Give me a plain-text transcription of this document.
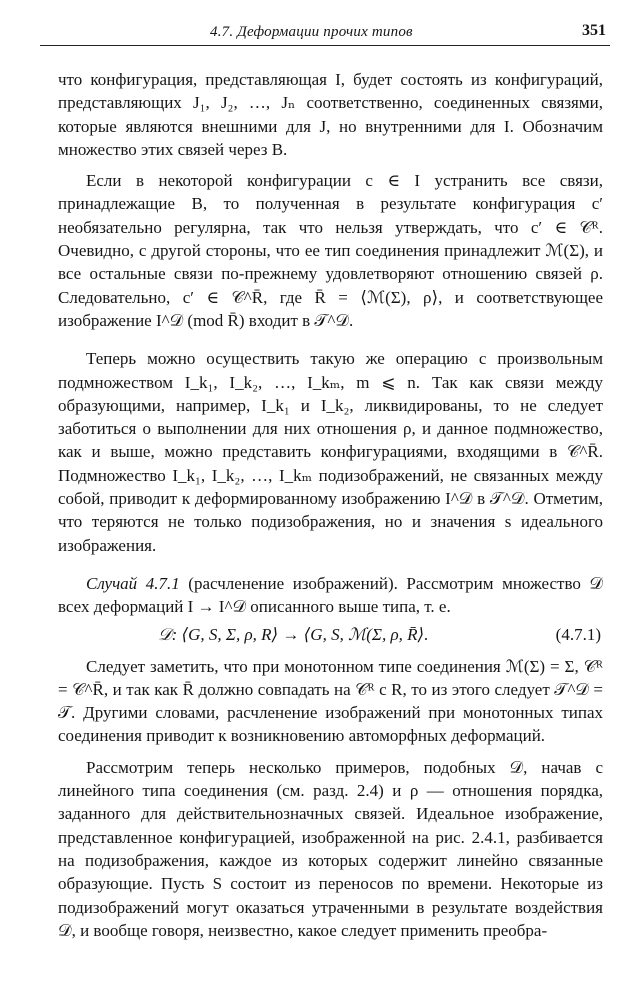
4.7. Деформации прочих типов	351

что конфигурация, представляющая I, будет состоять из конфигураций, представляющих J₁, J₂, …, Jₙ соответственно, соединенных связями, которые являются внешними для J, но внутренними для I. Обозначим множество этих связей через B.

Если в некоторой конфигурации c ∈ I устранить все связи, принадлежащие B, то полученная в результате конфигурация c′ необязательно регулярна, так что нельзя утверждать, что c′ ∈ 𝒞ᴿ. Очевидно, с другой стороны, что ее тип соединения принадлежит ℳ(Σ), и все остальные связи по-прежнему удовлетворяют отношению связей ρ. Следовательно, c′ ∈ 𝒞^R̄, где R̄ = ⟨ℳ(Σ), ρ⟩, и соответствующее изображение I^𝒟 (mod R̄) входит в 𝒯^𝒟.

Теперь можно осуществить такую же операцию с произвольным подмножеством I_k₁, I_k₂, …, I_kₘ, m ⩽ n. Так как связи между образующими, например, I_k₁ и I_k₂, ликвидированы, то не следует заботиться о выполнении для них отношения ρ, и данное подмножество, как и выше, можно представить конфигурациями, входящими в 𝒞^R̄. Подмножество I_k₁, I_k₂, …, I_kₘ подизображений, не связанных между собой, приводит к деформированному изображению I^𝒟 в 𝒯^𝒟. Отметим, что теряются не только подизображения, но и значения s идеального изображения.

Случай 4.7.1 (расчленение изображений). Рассмотрим множество 𝒟 всех деформаций I → I^𝒟 описанного выше типа, т. е.

𝒟: ⟨G, S, Σ, ρ, R⟩ → ⟨G, S, ℳ(Σ, ρ, R̄⟩.	(4.7.1)

Следует заметить, что при монотонном типе соединения ℳ(Σ) = Σ, 𝒞ᴿ = 𝒞^R̄, и так как R̄ должно совпадать на 𝒞ᴿ с R, то из этого следует 𝒯^𝒟 = 𝒯. Другими словами, расчленение изображений при монотонных типах соединения приводит к возникновению автоморфных деформаций.

Рассмотрим теперь несколько примеров, подобных 𝒟, начав с линейного типа соединения (см. разд. 2.4) и ρ — отношения порядка, заданного для действительнозначных связей. Идеальное изображение, представленное конфигурацией, изображенной на рис. 2.4.1, разбивается на подизображения, каждое из которых содержит линейно связанные образующие. Пусть S состоит из переносов по времени. Некоторые из подизображений могут оказаться утраченными в результате воздействия 𝒟, и вообще говоря, неизвестно, какое следует применить преобра-
